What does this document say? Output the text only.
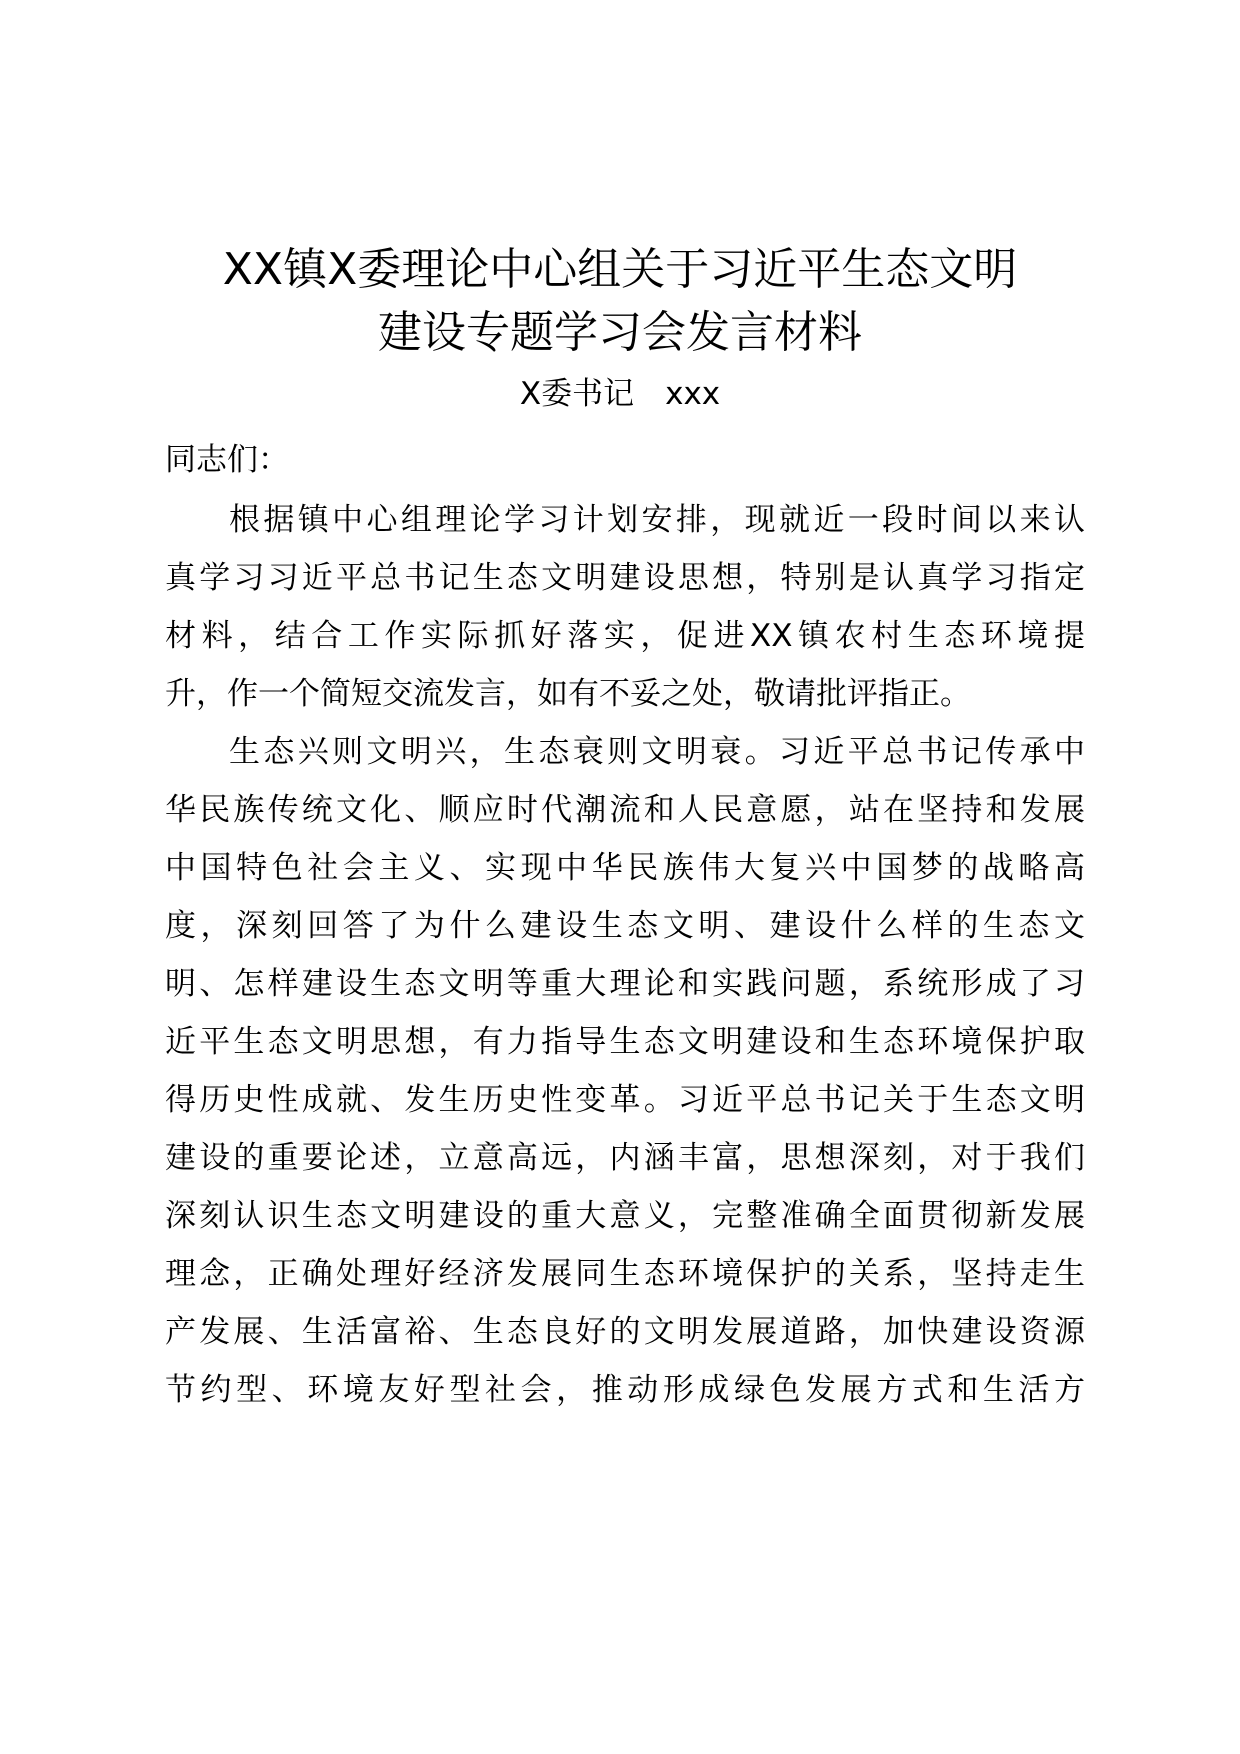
XX镇X委理论中心组关于习近平生态文明
建设专题学习会发言材料

X委书记　xxx

同志们：

根据镇中心组理论学习计划安排，现就近一段时间以来认

真学习习近平总书记生态文明建设思想，特别是认真学习指定

材料，结合工作实际抓好落实，促进XX镇农村生态环境提

升，作一个简短交流发言，如有不妥之处，敬请批评指正。

生态兴则文明兴，生态衰则文明衰。习近平总书记传承中

华民族传统文化、顺应时代潮流和人民意愿，站在坚持和发展

中国特色社会主义、实现中华民族伟大复兴中国梦的战略高

度，深刻回答了为什么建设生态文明、建设什么样的生态文

明、怎样建设生态文明等重大理论和实践问题，系统形成了习

近平生态文明思想，有力指导生态文明建设和生态环境保护取

得历史性成就、发生历史性变革。习近平总书记关于生态文明

建设的重要论述，立意高远，内涵丰富，思想深刻，对于我们

深刻认识生态文明建设的重大意义，完整准确全面贯彻新发展

理念，正确处理好经济发展同生态环境保护的关系，坚持走生

产发展、生活富裕、生态良好的文明发展道路，加快建设资源

节约型、环境友好型社会，推动形成绿色发展方式和生活方
